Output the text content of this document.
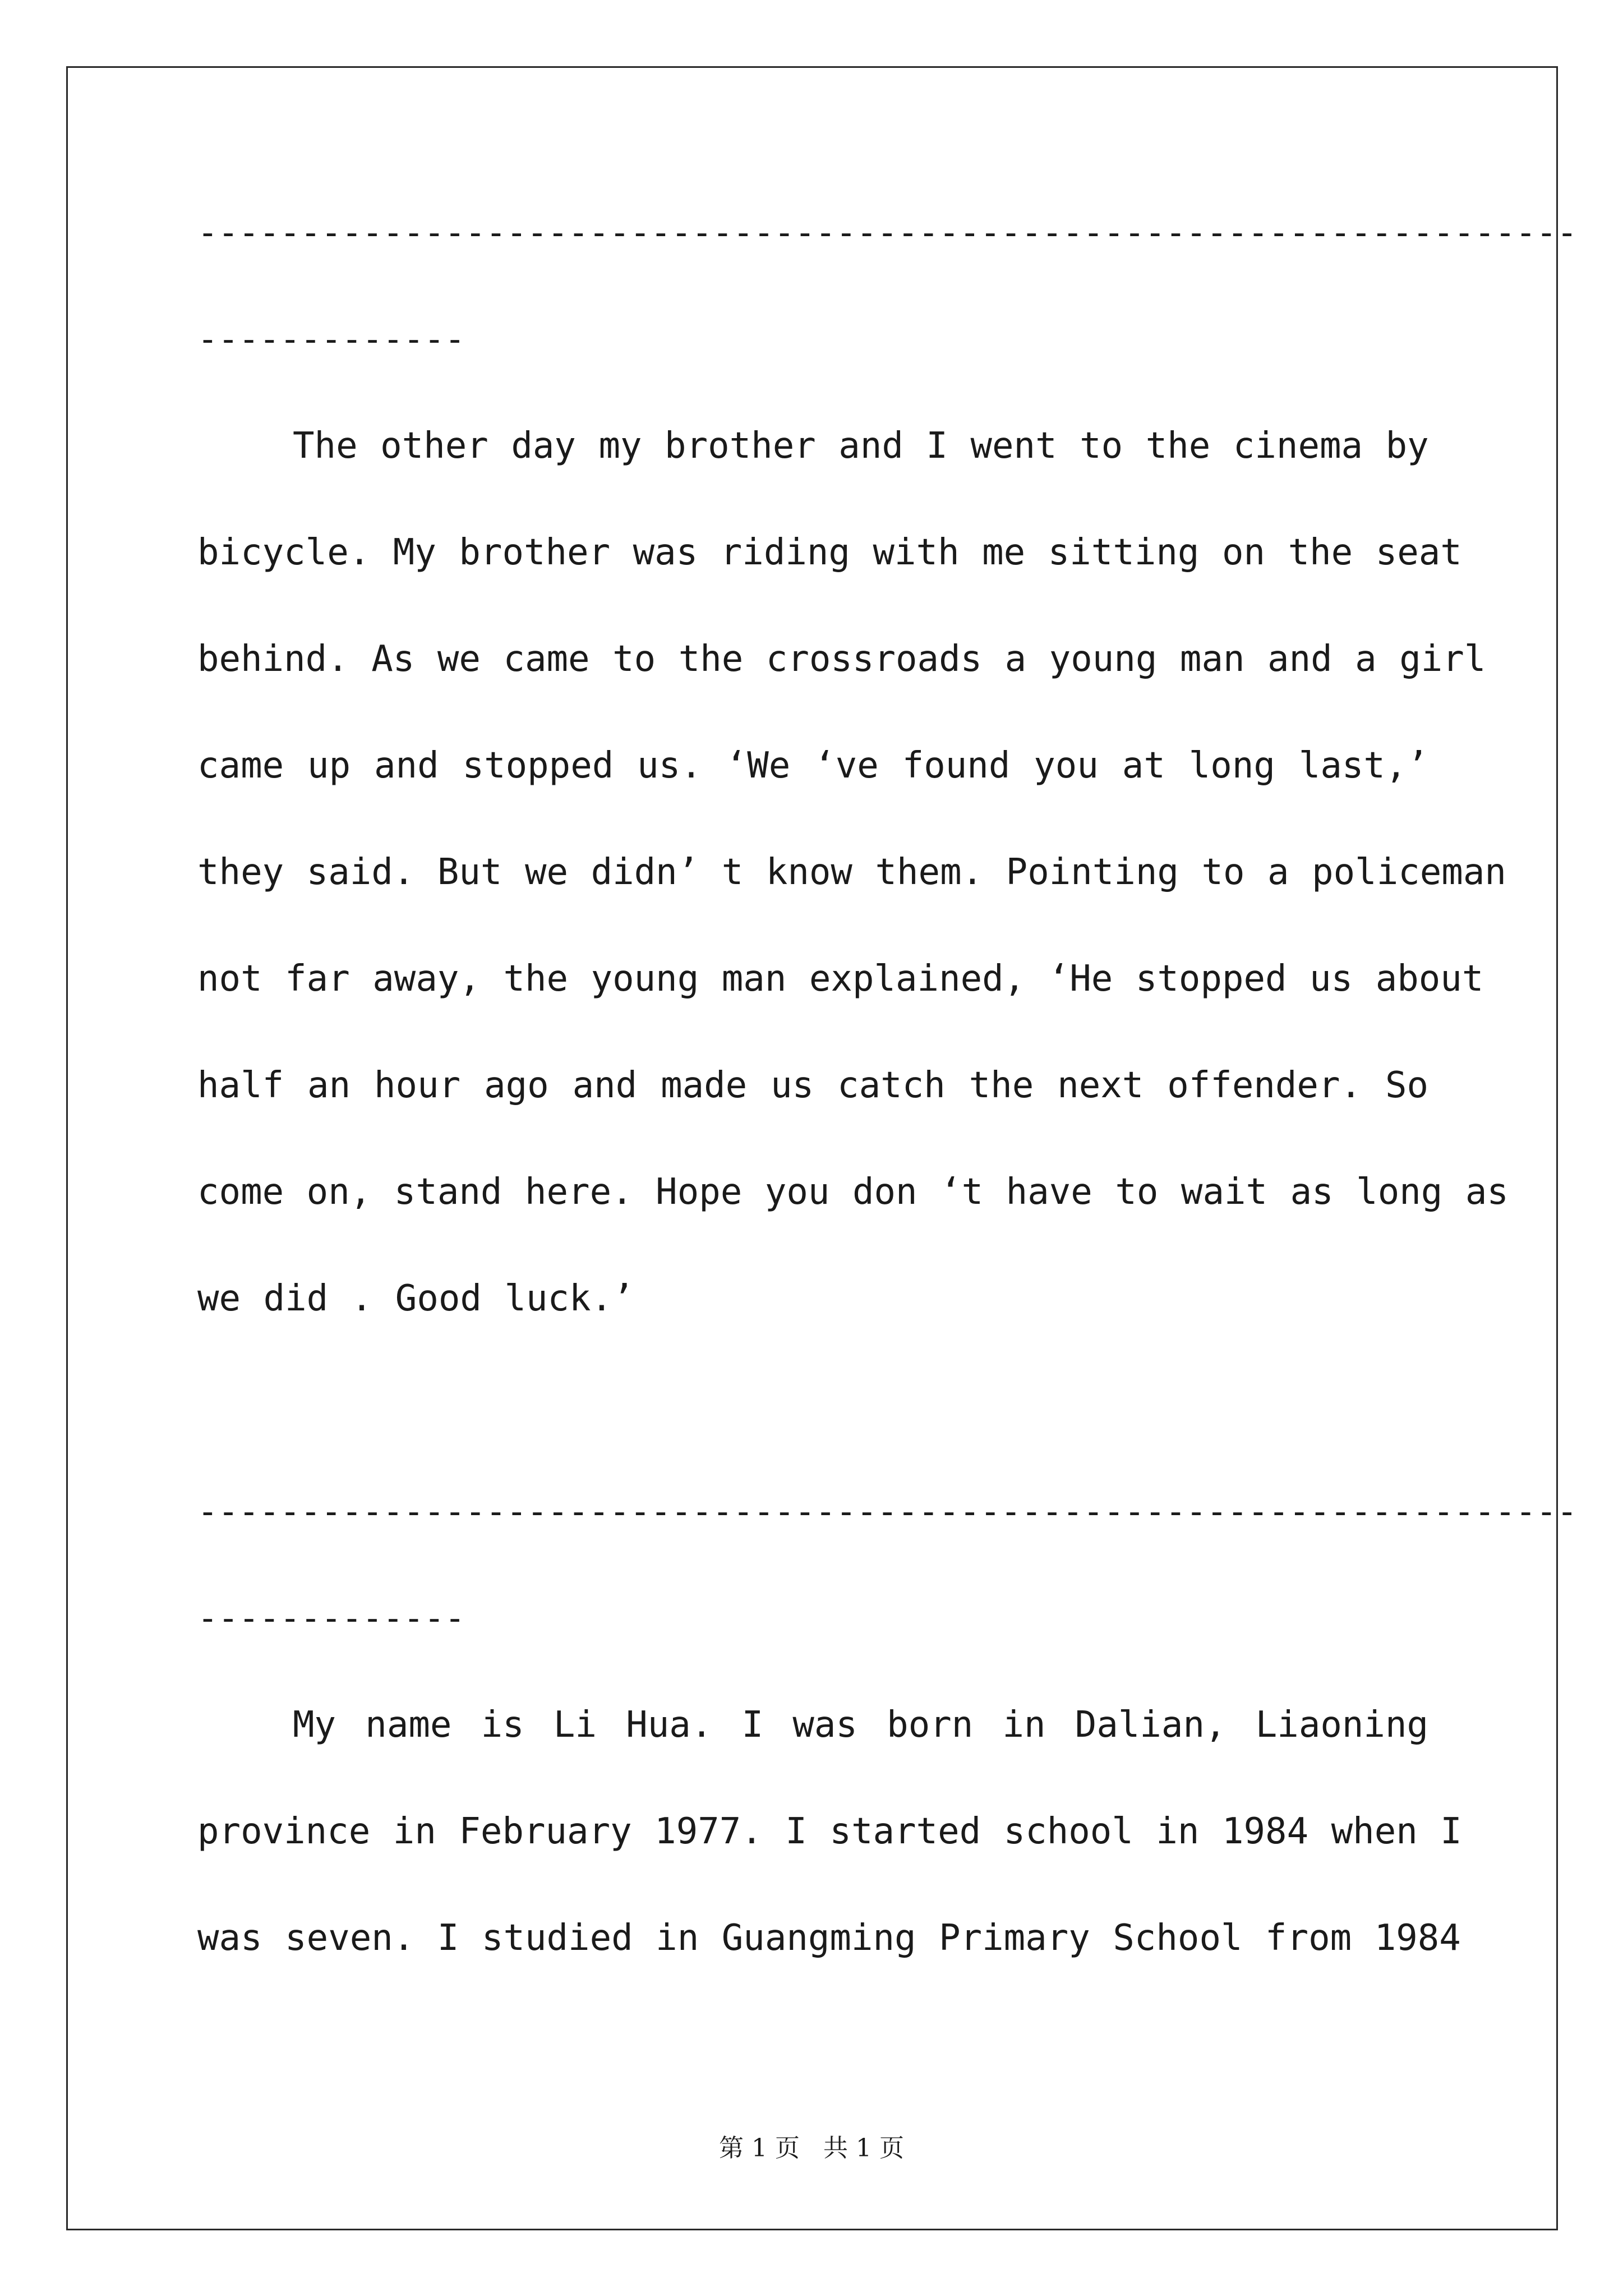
-------------------------------------------------------------------
-------------
The other day my brother and I went to the cinema by
bicycle. My brother was riding with me sitting on the seat
behind. As we came to the crossroads a young man and a girl
came up and stopped us. ‘We ‘ve found you at long last,’
they said. But we didn’ t know them. Pointing to a policeman
not far away, the young man explained, ‘He stopped us about
half an hour ago and made us catch the next offender. So
come on, stand here. Hope you don ‘t have to wait as long as
we did . Good luck.’
-------------------------------------------------------------------
-------------
My name is Li Hua. I was born in Dalian, Liaoning
province in February 1977. I started school in 1984 when I
was seven. I studied in Guangming Primary School from 1984
第 1 页 共 1 页
